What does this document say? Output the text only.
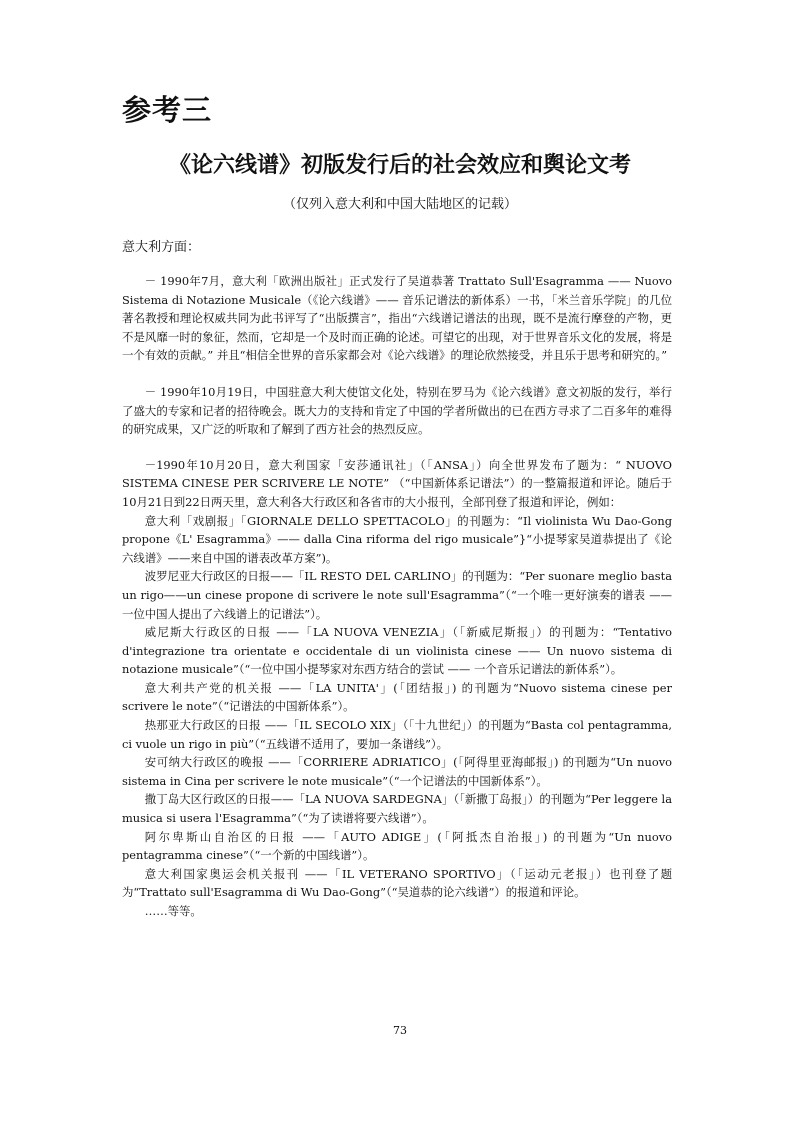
参考三
《论六线谱》初版发行后的社会效应和舆论文考
（仅列入意大利和中国大陆地区的记载）
意大利方面：

－ 1990年7月，意大利「欧洲出版社」正式发行了吴道恭著 Trattato Sull'Esagramma —— Nuovo Sistema di Notazione Musicale（《论六线谱》—— 音乐记谱法的新体系）一书，「米兰音乐学院」的几位著名教授和理论权威共同为此书评写了“出版撰言”，指出“六线谱记谱法的出现，既不是流行摩登的产物，更不是风靡一时的象征，然而，它却是一个及时而正确的论述。可望它的出现，对于世界音乐文化的发展，将是一个有效的贡献。” 并且“相信全世界的音乐家都会对《论六线谱》的理论欣然接受，并且乐于思考和研究的。”

－ 1990年10月19日，中国驻意大利大使馆文化处，特别在罗马为《论六线谱》意文初版的发行，举行了盛大的专家和记者的招待晚会。既大力的支持和肯定了中国的学者所做出的已在西方寻求了二百多年的难得的研究成果，又广泛的听取和了解到了西方社会的热烈反应。

－1990年10月20日，意大利国家「安莎通讯社」（「ANSA」）向全世界发布了题为：“ NUOVO SISTEMA CINESE PER SCRIVERE LE NOTE” （“中国新体系记谱法”）的一整篇报道和评论。随后于10月21日到22日两天里，意大利各大行政区和各省市的大小报刊，全部刊登了报道和评论，例如：

意大利「戏剧报」「GIORNALE DELLO SPETTACOLO」的刊题为：“Il violinista Wu Dao-Gong propone《L' Esagramma》—— dalla Cina riforma del rigo musicale”}“小提琴家吴道恭提出了《论六线谱》——来自中国的谱表改革方案”)。

波罗尼亚大行政区的日报——「IL RESTO DEL CARLINO」的刊题为：“Per suonare meglio basta un rigo——un cinese propone di scrivere le note sull'Esagramma”（“一个唯一更好演奏的谱表 —— 一位中国人提出了六线谱上的记谱法”）。

威尼斯大行政区的日报 ——「LA NUOVA VENEZIA」（「新威尼斯报」）的刊题为：“Tentativo d'integrazione tra orientate e occidentale di un violinista cinese —— Un nuovo sistema di notazione musicale”（“一位中国小提琴家对东西方结合的尝试 —— 一个音乐记谱法的新体系”）。

意大利共产党的机关报 ——「LA UNITA'」(「团结报」) 的刊题为“Nuovo sistema cinese per scrivere le note”（“记谱法的中国新体系”）。

热那亚大行政区的日报 ——「IL SECOLO XIX」（「十九世纪」）的刊题为“Basta col pentagramma, ci vuole un rigo in più”（“五线谱不适用了，要加一条谱线”）。

安可纳大行政区的晚报 ——「CORRIERE ADRIATICO」(「阿得里亚海邮报」) 的刊题为“Un nuovo sistema in Cina per scrivere le note musicale”（“一个记谱法的中国新体系”）。

撒丁岛大区行政区的日报——「LA NUOVA SARDEGNA」（「新撒丁岛报」）的刊题为“Per leggere la musica si usera l'Esagramma”（“为了读谱将要六线谱”）。

阿尔卑斯山自治区的日报 ——「AUTO ADIGE」(「阿抵杰自治报」) 的刊题为“Un nuovo pentagramma cinese”（“一个新的中国线谱”）。

意大利国家奥运会机关报刊 ——「IL VETERANO SPORTIVO」（「运动元老报」）也刊登了题为“Trattato sull'Esagramma di Wu Dao-Gong”（“吴道恭的论六线谱”）的报道和评论。

……等等。

73
